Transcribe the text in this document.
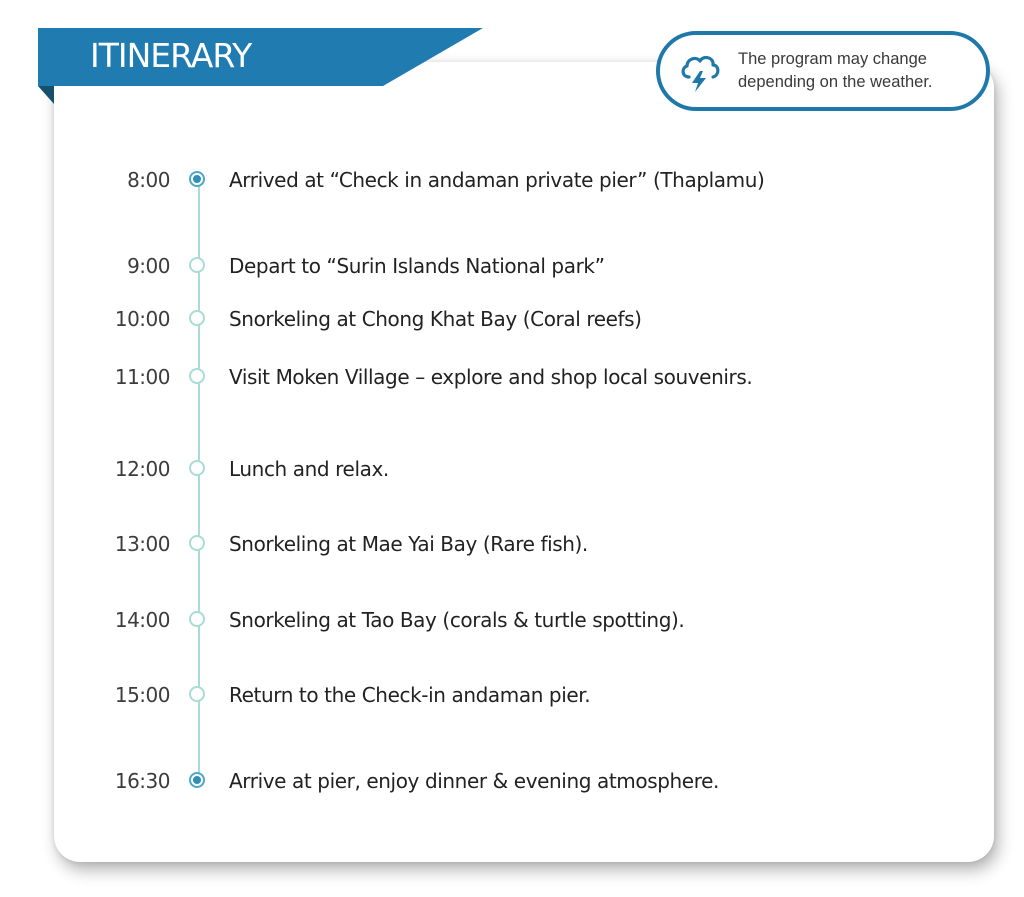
ITINERARY	The program may change depending on the weather.
8:00	Arrived at “Check in andaman private pier” (Thaplamu)
9:00	Depart to “Surin Islands National park”
10:00	Snorkeling at Chong Khat Bay (Coral reefs)
11:00	Visit Moken Village – explore and shop local souvenirs.
12:00	Lunch and relax.
13:00	Snorkeling at Mae Yai Bay (Rare fish).
14:00	Snorkeling at Tao Bay (corals & turtle spotting).
15:00	Return to the Check-in andaman pier.
16:30	Arrive at pier, enjoy dinner & evening atmosphere.
